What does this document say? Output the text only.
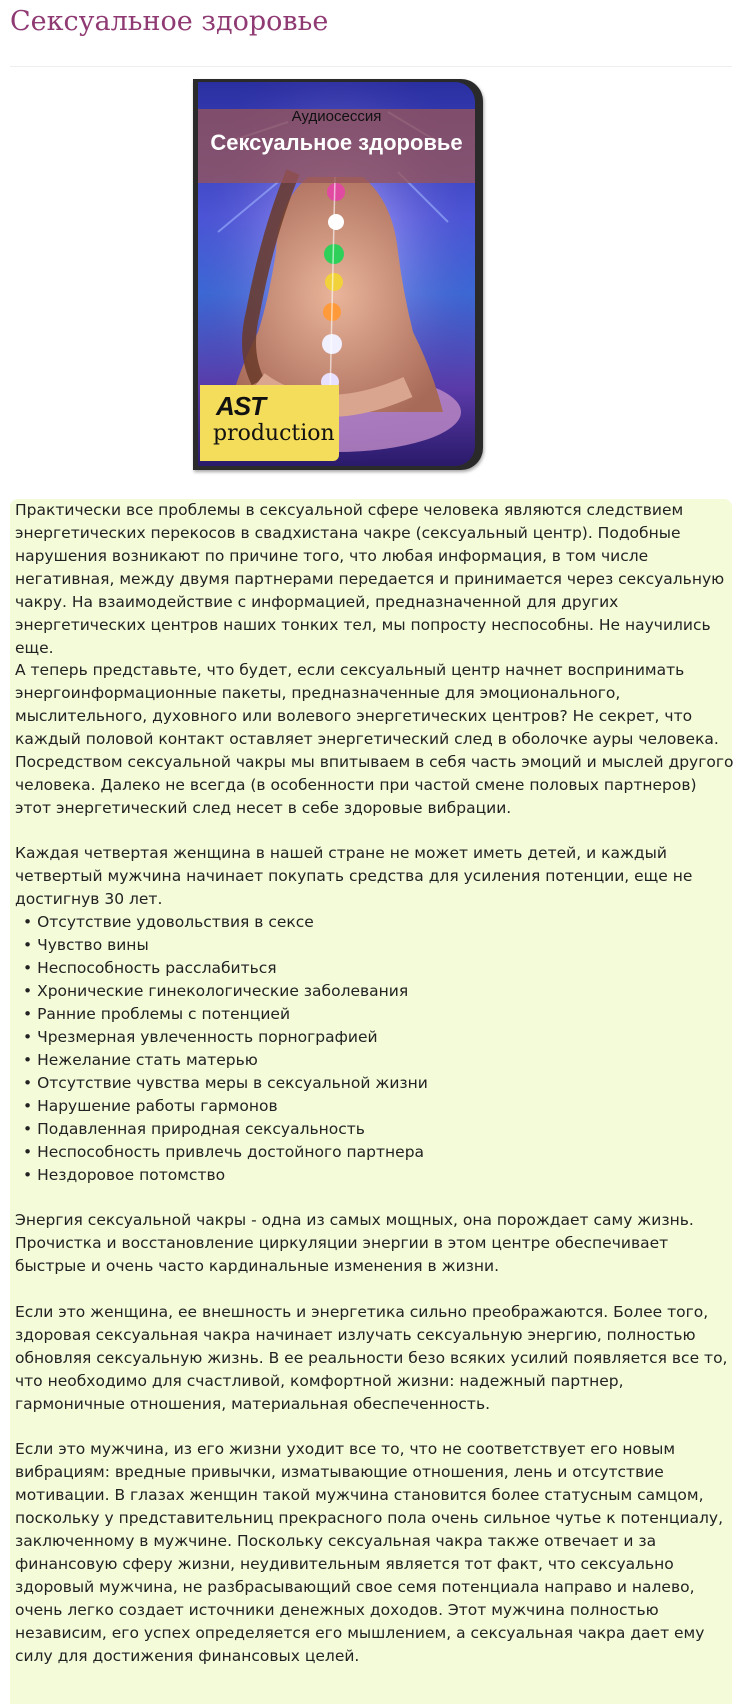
Сексуальное здоровье
Аудиосессия
Сексуальное здоровье
AST
production

Практически все проблемы в сексуальной сфере человека являются следствием энергетических перекосов в свадхистана чакре (сексуальный центр). Подобные нарушения возникают по причине того, что любая информация, в том числе негативная, между двумя партнерами передается и принимается через сексуальную чакру. На взаимодействие с информацией, предназначенной для других энергетических центров наших тонких тел, мы попросту неспособны. Не научились еще.

А теперь представьте, что будет, если сексуальный центр начнет воспринимать энергоинформационные пакеты, предназначенные для эмоционального, мыслительного, духовного или волевого энергетических центров? Не секрет, что каждый половой контакт оставляет энергетический след в оболочке ауры человека. Посредством сексуальной чакры мы впитываем в себя часть эмоций и мыслей другого человека. Далеко не всегда (в особенности при частой смене половых партнеров) этот энергетический след несет в себе здоровые вибрации.

Каждая четвертая женщина в нашей стране не может иметь детей, и каждый четвертый мужчина начинает покупать средства для усиления потенции, еще не достигнув 30 лет.

• Отсутствие удовольствия в сексе
• Чувство вины
• Неспособность расслабиться
• Хронические гинекологические заболевания
• Ранние проблемы с потенцией
• Чрезмерная увлеченность порнографией
• Нежелание стать матерью
• Отсутствие чувства меры в сексуальной жизни
• Нарушение работы гармонов
• Подавленная природная сексуальность
• Неспособность привлечь достойного партнера
• Нездоровое потомство

Энергия сексуальной чакры - одна из самых мощных, она порождает саму жизнь. Прочистка и восстановление циркуляции энергии в этом центре обеспечивает быстрые и очень часто кардинальные изменения в жизни.

Если это женщина, ее внешность и энергетика сильно преображаются. Более того, здоровая сексуальная чакра начинает излучать сексуальную энергию, полностью обновляя сексуальную жизнь. В ее реальности безо всяких усилий появляется все то, что необходимо для счастливой, комфортной жизни: надежный партнер, гармоничные отношения, материальная обеспеченность.

Если это мужчина, из его жизни уходит все то, что не соответствует его новым вибрациям: вредные привычки, изматывающие отношения, лень и отсутствие мотивации. В глазах женщин такой мужчина становится более статусным самцом, поскольку у представительниц прекрасного пола очень сильное чутье к потенциалу, заключенному в мужчине. Поскольку сексуальная чакра также отвечает и за финансовую сферу жизни, неудивительным является тот факт, что сексуально здоровый мужчина, не разбрасывающий свое семя потенциала направо и налево, очень легко создает источники денежных доходов. Этот мужчина полностью независим, его успех определяется его мышлением, а сексуальная чакра дает ему силу для достижения финансовых целей.
